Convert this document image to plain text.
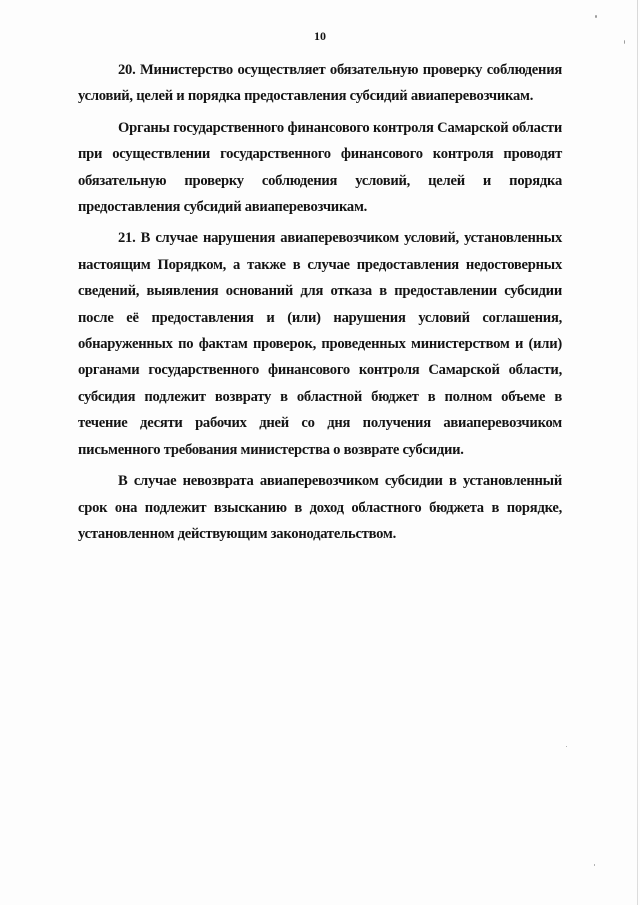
10

20. Министерство осуществляет обязательную проверку соблюдения условий, целей и порядка предоставления субсидий авиаперевозчикам.

Органы государственного финансового контроля Самарской области при осуществлении государственного финансового контроля проводят обязательную проверку соблюдения условий, целей и порядка предоставления субсидий авиаперевозчикам.

21. В случае нарушения авиаперевозчиком условий, установленных настоящим Порядком, а также в случае предоставления недостоверных сведений, выявления оснований для отказа в предоставлении субсидии после её предоставления и (или) нарушения условий соглашения, обнаруженных по фактам проверок, проведенных министерством и (или) органами государственного финансового контроля Самарской области, субсидия подлежит возврату в областной бюджет в полном объеме в течение десяти рабочих дней со дня получения авиаперевозчиком письменного требования министерства о возврате субсидии.

В случае невозврата авиаперевозчиком субсидии в установленный срок она подлежит взысканию в доход областного бюджета в порядке, установленном действующим законодательством.
